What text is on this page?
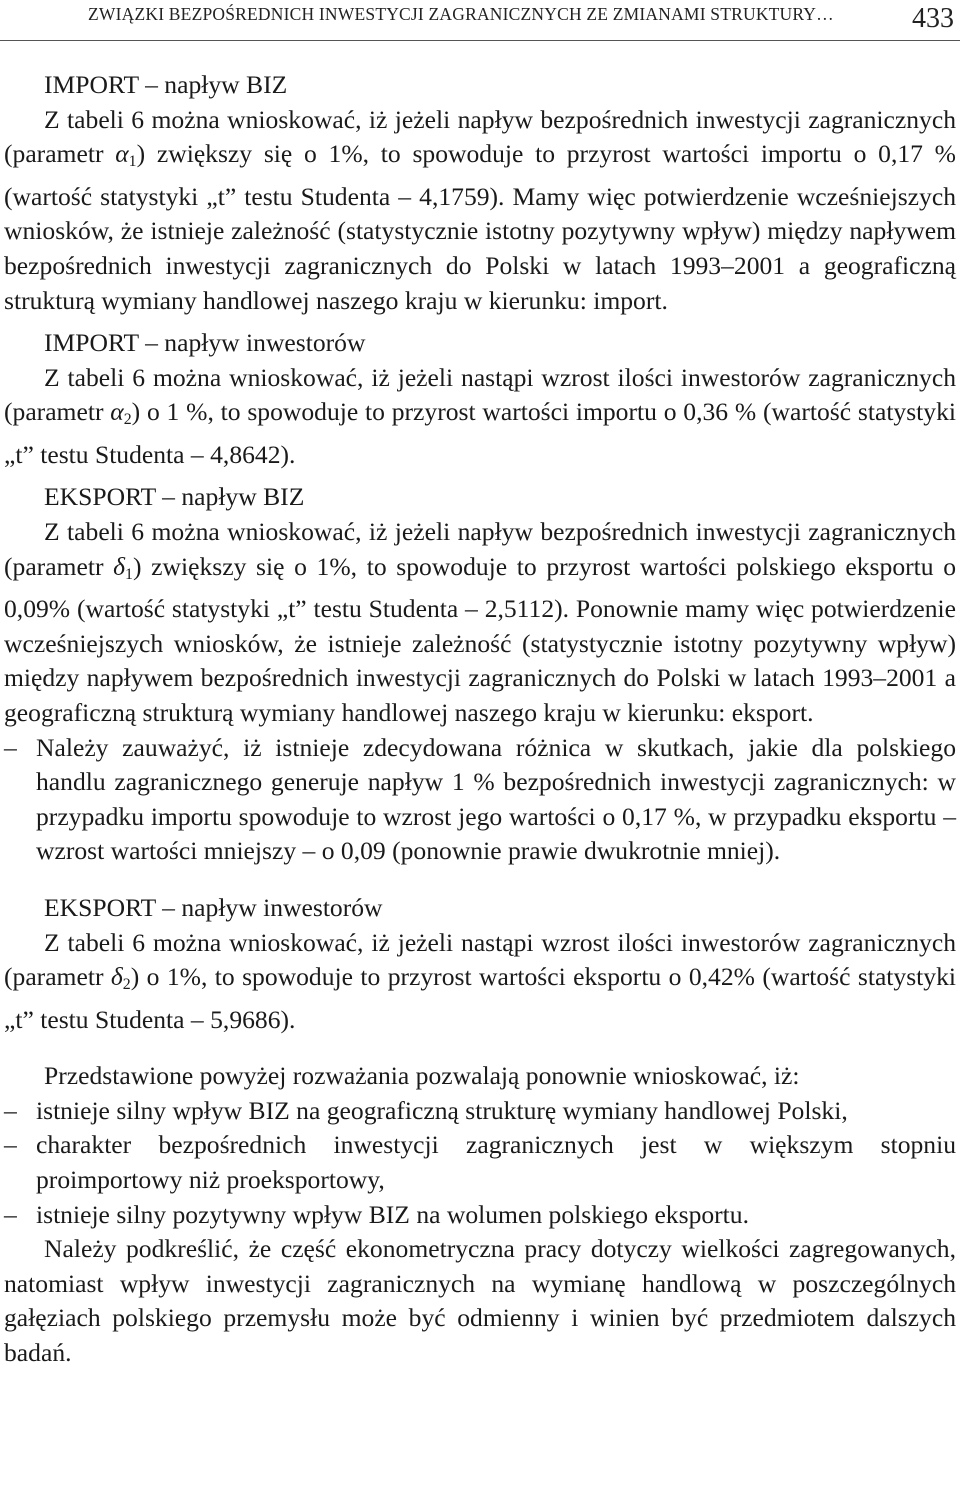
ZWIĄZKI BEZPOŚREDNICH INWESTYCJI ZAGRANICZNYCH ZE ZMIANAMI STRUKTURY…	433

IMPORT – napływ BIZ

Z tabeli 6 można wnioskować, iż jeżeli napływ bezpośrednich inwestycji zagranicznych (parametr $\alpha_1$) zwiększy się o 1%, to spowoduje to przyrost wartości importu o 0,17 % (wartość statystyki „t” testu Studenta – 4,1759). Mamy więc potwierdzenie wcześniejszych wniosków, że istnieje zależność (statystycznie istotny pozytywny wpływ) między napływem bezpośrednich inwestycji zagranicznych do Polski w latach 1993–2001 a geograficzną strukturą wymiany handlowej naszego kraju w kierunku: import.

IMPORT – napływ inwestorów

Z tabeli 6 można wnioskować, iż jeżeli nastąpi wzrost ilości inwestorów zagranicznych (parametr $\alpha_2$) o 1 %, to spowoduje to przyrost wartości importu o 0,36 % (wartość statystyki „t” testu Studenta – 4,8642).

EKSPORT – napływ BIZ

Z tabeli 6 można wnioskować, iż jeżeli napływ bezpośrednich inwestycji zagranicznych (parametr $\delta_1$) zwiększy się o 1%, to spowoduje to przyrost wartości polskiego eksportu o 0,09% (wartość statystyki „t” testu Studenta – 2,5112). Ponownie mamy więc potwierdzenie wcześniejszych wniosków, że istnieje zależność (statystycznie istotny pozytywny wpływ) między napływem bezpośrednich inwestycji zagranicznych do Polski w latach 1993–2001 a geograficzną strukturą wymiany handlowej naszego kraju w kierunku: eksport.

– Należy zauważyć, iż istnieje zdecydowana różnica w skutkach, jakie dla polskiego handlu zagranicznego generuje napływ 1 % bezpośrednich inwestycji zagranicznych: w przypadku importu spowoduje to wzrost jego wartości o 0,17 %, w przypadku eksportu – wzrost wartości mniejszy – o 0,09 (ponownie prawie dwukrotnie mniej).

EKSPORT – napływ inwestorów

Z tabeli 6 można wnioskować, iż jeżeli nastąpi wzrost ilości inwestorów zagranicznych (parametr $\delta_2$) o 1%, to spowoduje to przyrost wartości eksportu o 0,42% (wartość statystyki „t” testu Studenta – 5,9686).

Przedstawione powyżej rozważania pozwalają ponownie wnioskować, iż:

– istnieje silny wpływ BIZ na geograficzną strukturę wymiany handlowej Polski,

– charakter bezpośrednich inwestycji zagranicznych jest w większym stopniu proimportowy niż proeksportowy,

– istnieje silny pozytywny wpływ BIZ na wolumen polskiego eksportu.

Należy podkreślić, że część ekonometryczna pracy dotyczy wielkości zagregowanych, natomiast wpływ inwestycji zagranicznych na wymianę handlową w poszczególnych gałęziach polskiego przemysłu może być odmienny i winien być przedmiotem dalszych badań.
